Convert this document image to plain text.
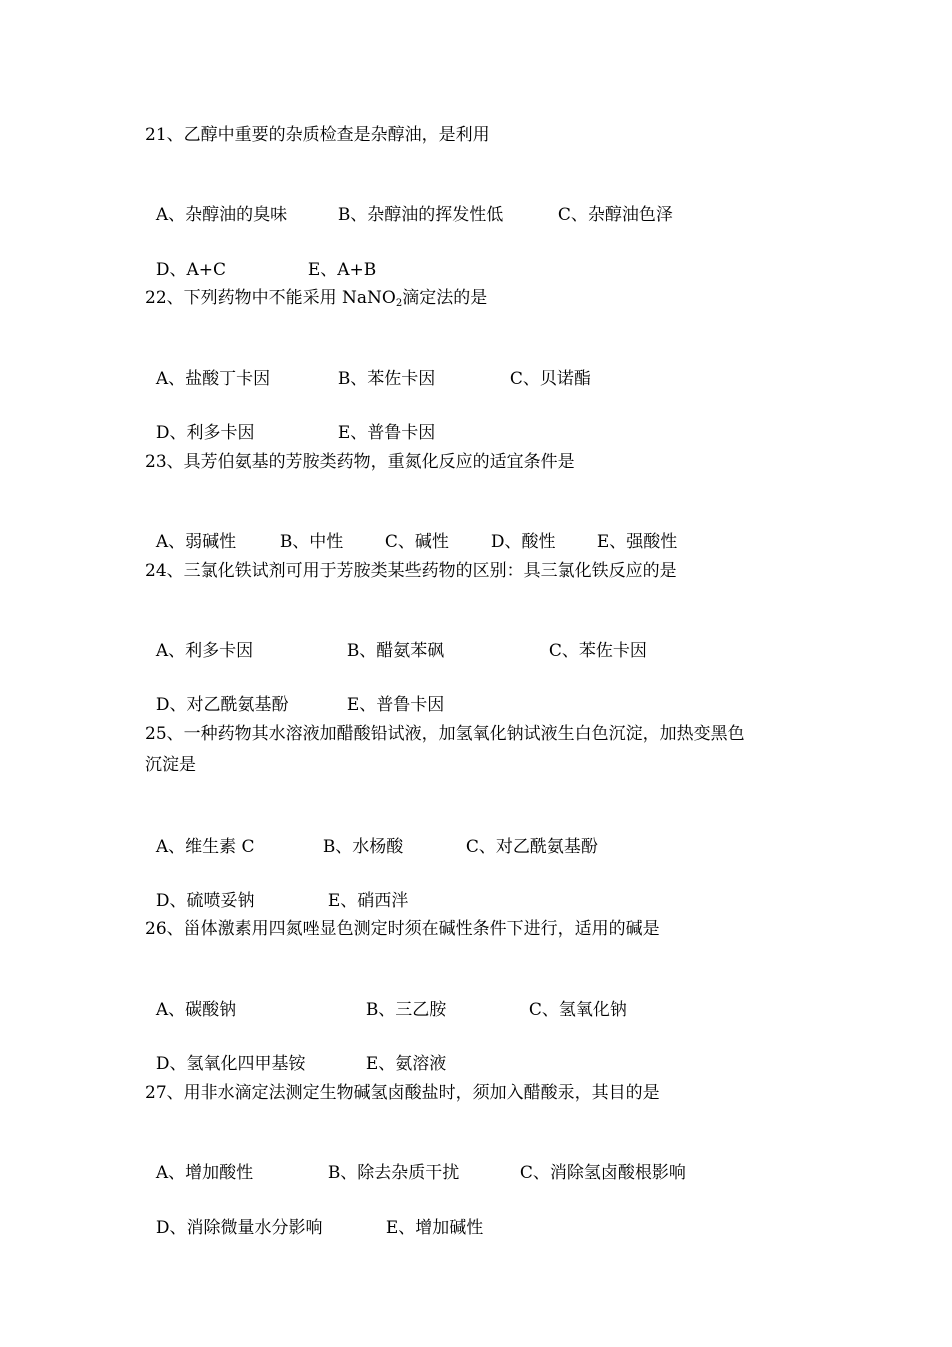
21、乙醇中重要的杂质检查是杂醇油，是利用

A、杂醇油的臭味	B、杂醇油的挥发性低	C、杂醇油色泽

D、A+C	E、A+B

22、下列药物中不能采用 NaNO$_2$滴定法的是

A、盐酸丁卡因	B、苯佐卡因	C、贝诺酯

D、利多卡因	E、普鲁卡因

23、具芳伯氨基的芳胺类药物，重氮化反应的适宜条件是

A、弱碱性	B、中性 C、碱性 D、酸性 E、强酸性

24、三氯化铁试剂可用于芳胺类某些药物的区别：具三氯化铁反应的是

A、利多卡因	B、醋氨苯砜	C、苯佐卡因

D、对乙酰氨基酚	E、普鲁卡因

25、一种药物其水溶液加醋酸铅试液，加氢氧化钠试液生白色沉淀，加热变黑色

沉淀是

A、维生素 C	B、水杨酸	C、对乙酰氨基酚

D、硫喷妥钠	E、硝西泮

26、甾体激素用四氮唑显色测定时须在碱性条件下进行，适用的碱是

A、碳酸钠	B、三乙胺	C、氢氧化钠

D、氢氧化四甲基铵	E、氨溶液

27、用非水滴定法测定生物碱氢卤酸盐时，须加入醋酸汞，其目的是

A、增加酸性	B、除去杂质干扰	C、消除氢卤酸根影响

D、消除微量水分影响	E、增加碱性
